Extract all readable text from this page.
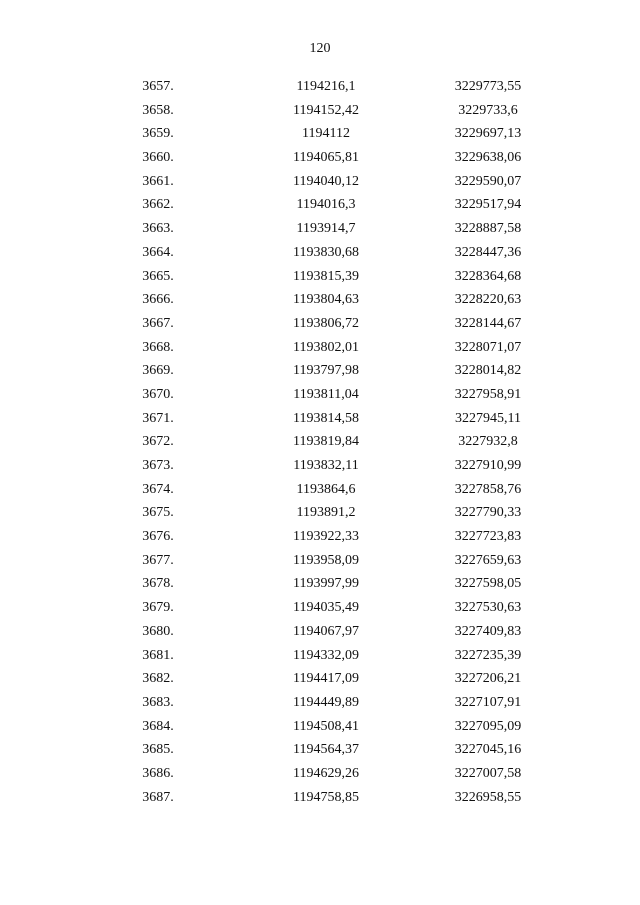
120
3657.	1194216,1	3229773,55
3658.	1194152,42	3229733,6
3659.	1194112	3229697,13
3660.	1194065,81	3229638,06
3661.	1194040,12	3229590,07
3662.	1194016,3	3229517,94
3663.	1193914,7	3228887,58
3664.	1193830,68	3228447,36
3665.	1193815,39	3228364,68
3666.	1193804,63	3228220,63
3667.	1193806,72	3228144,67
3668.	1193802,01	3228071,07
3669.	1193797,98	3228014,82
3670.	1193811,04	3227958,91
3671.	1193814,58	3227945,11
3672.	1193819,84	3227932,8
3673.	1193832,11	3227910,99
3674.	1193864,6	3227858,76
3675.	1193891,2	3227790,33
3676.	1193922,33	3227723,83
3677.	1193958,09	3227659,63
3678.	1193997,99	3227598,05
3679.	1194035,49	3227530,63
3680.	1194067,97	3227409,83
3681.	1194332,09	3227235,39
3682.	1194417,09	3227206,21
3683.	1194449,89	3227107,91
3684.	1194508,41	3227095,09
3685.	1194564,37	3227045,16
3686.	1194629,26	3227007,58
3687.	1194758,85	3226958,55
